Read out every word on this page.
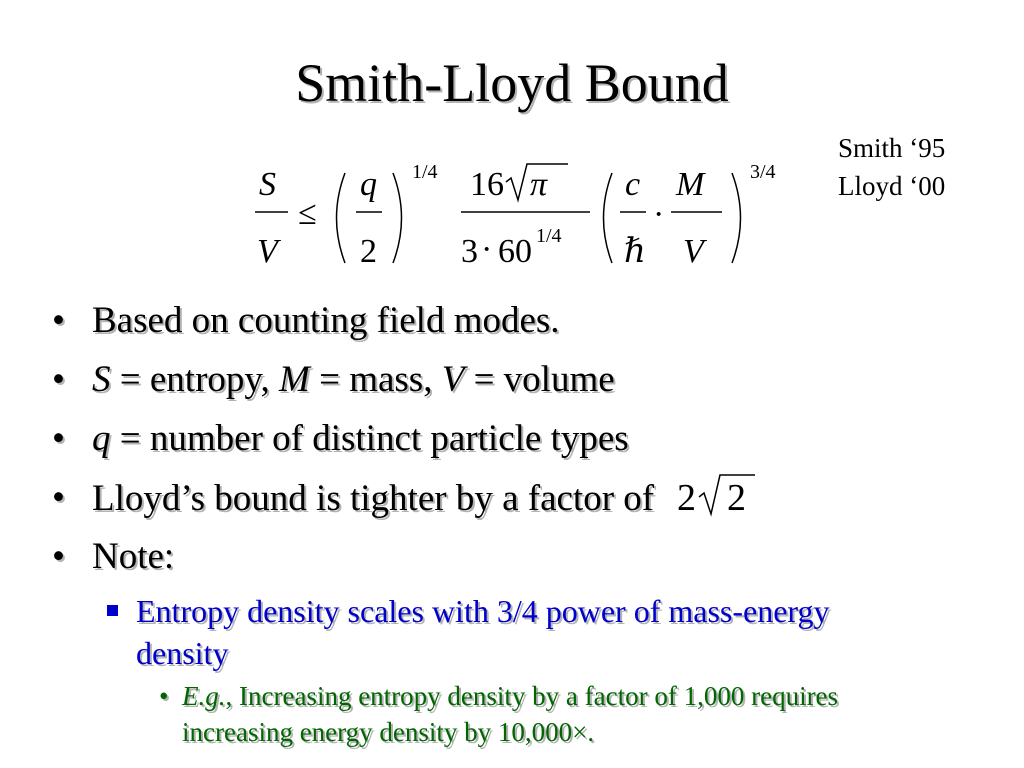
Smith-Lloyd Bound
Smith ‘95
Lloyd ‘00
S
V
≤
q
2
1/4 16 π
3 · 60 1/4
c
ℏ
·
M
V
3/4
• Based on counting field modes.
• S = entropy, M = mass, V = volume
• q = number of distinct particle types
• Lloyd’s bound is tighter by a factor of 2 2
• Note:
Entropy density scales with 3/4 power of mass-energy density
• E.g., Increasing entropy density by a factor of 1,000 requires increasing energy density by 10,000×.
